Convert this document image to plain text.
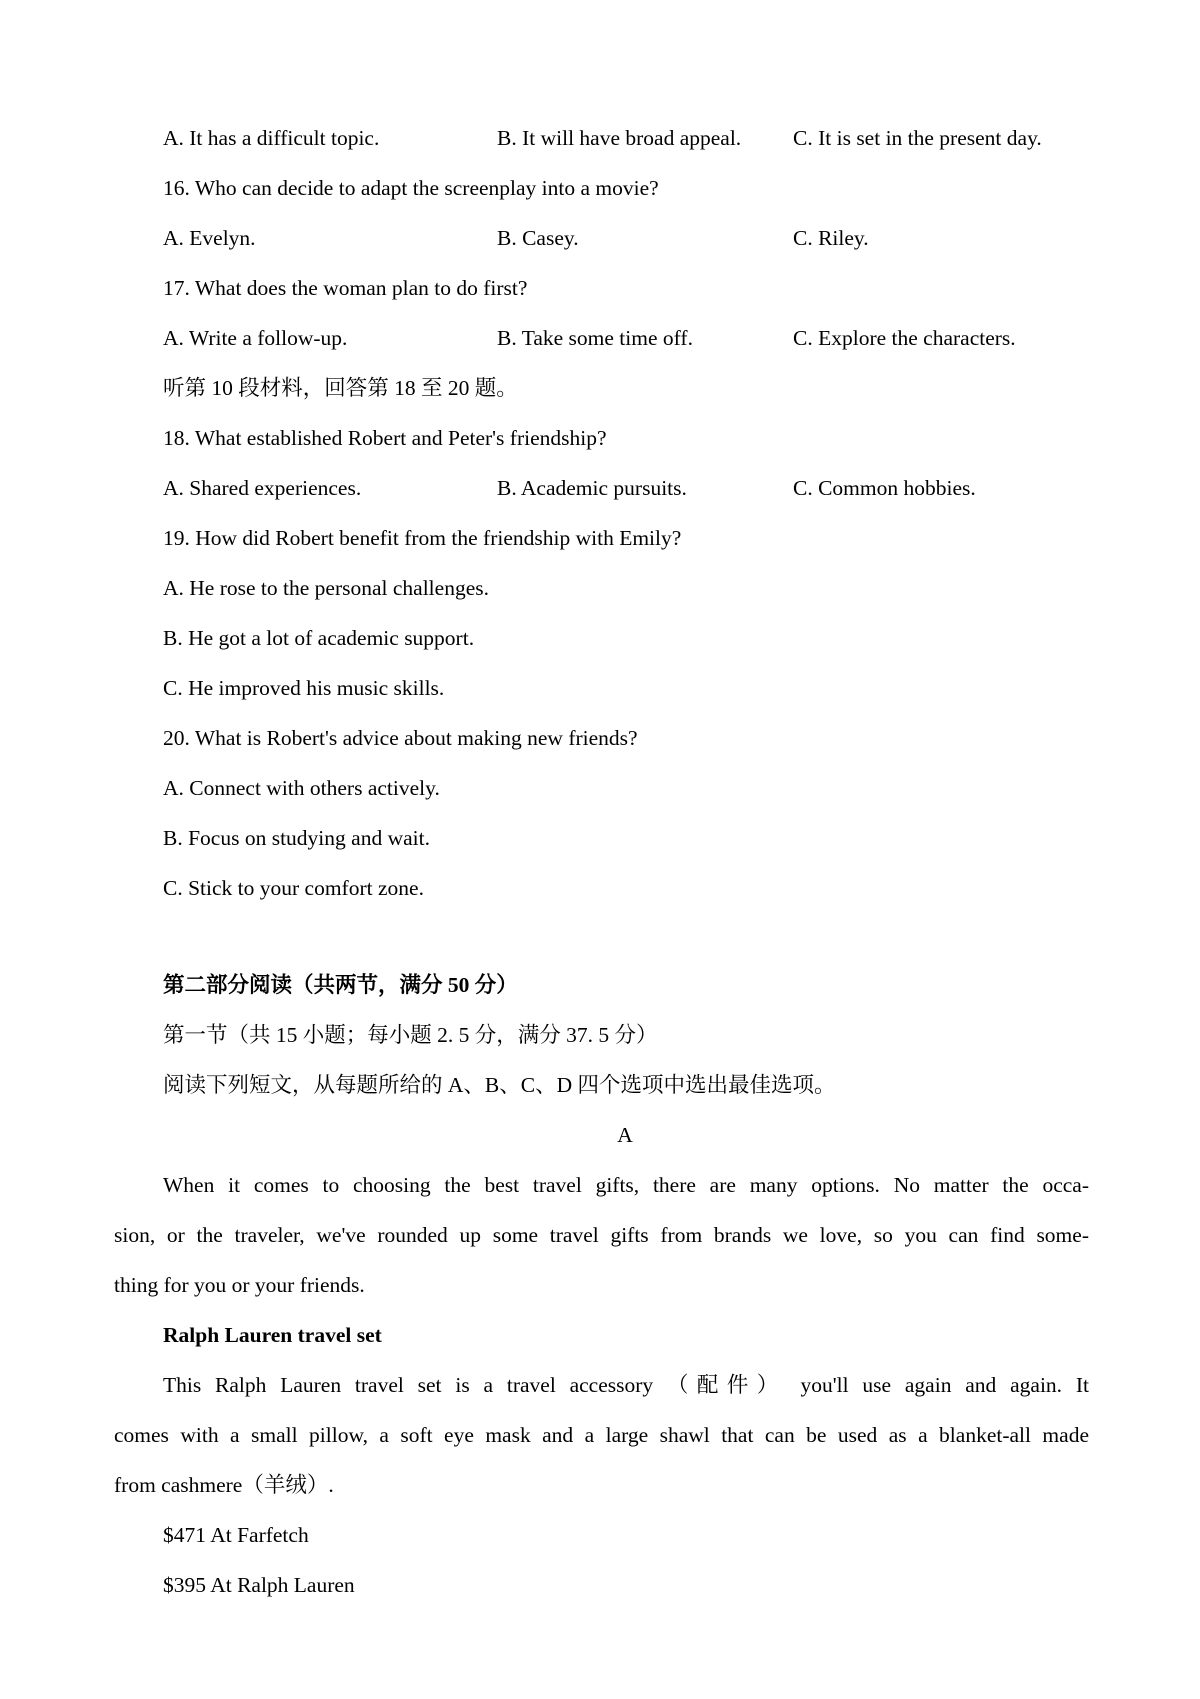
A. It has a difficult topic.	B. It will have broad appeal. C. It is set in the present day.
16. Who can decide to adapt the screenplay into a movie?
A. Evelyn.	B. Casey.	C. Riley.
17. What does the woman plan to do first?
A. Write a follow-up.	B. Take some time off.	C. Explore the characters.
听第 10 段材料，回答第 18 至 20 题。
18. What established Robert and Peter's friendship?
A. Shared experiences.	B. Academic pursuits.	C. Common hobbies.
19. How did Robert benefit from the friendship with Emily?
A. He rose to the personal challenges.
B. He got a lot of academic support.
C. He improved his music skills.
20. What is Robert's advice about making new friends?
A. Connect with others actively.
B. Focus on studying and wait.
C. Stick to your comfort zone.
第二部分阅读（共两节，满分 50 分）
第一节（共 15 小题；每小题 2. 5 分，满分 37. 5 分）
阅读下列短文，从每题所给的 A、B、C、D 四个选项中选出最佳选项。
A
When it comes to choosing the best travel gifts, there are many options. No matter the occa-
sion, or the traveler, we've rounded up some travel gifts from brands we love, so you can find some-
thing for you or your friends.
Ralph Lauren travel set
This Ralph Lauren travel set is a travel accessory （配件） you'll use again and again. It
comes with a small pillow, a soft eye mask and a large shawl that can be used as a blanket-all made
from cashmere（羊绒）.
$471 At Farfetch
$395 At Ralph Lauren
